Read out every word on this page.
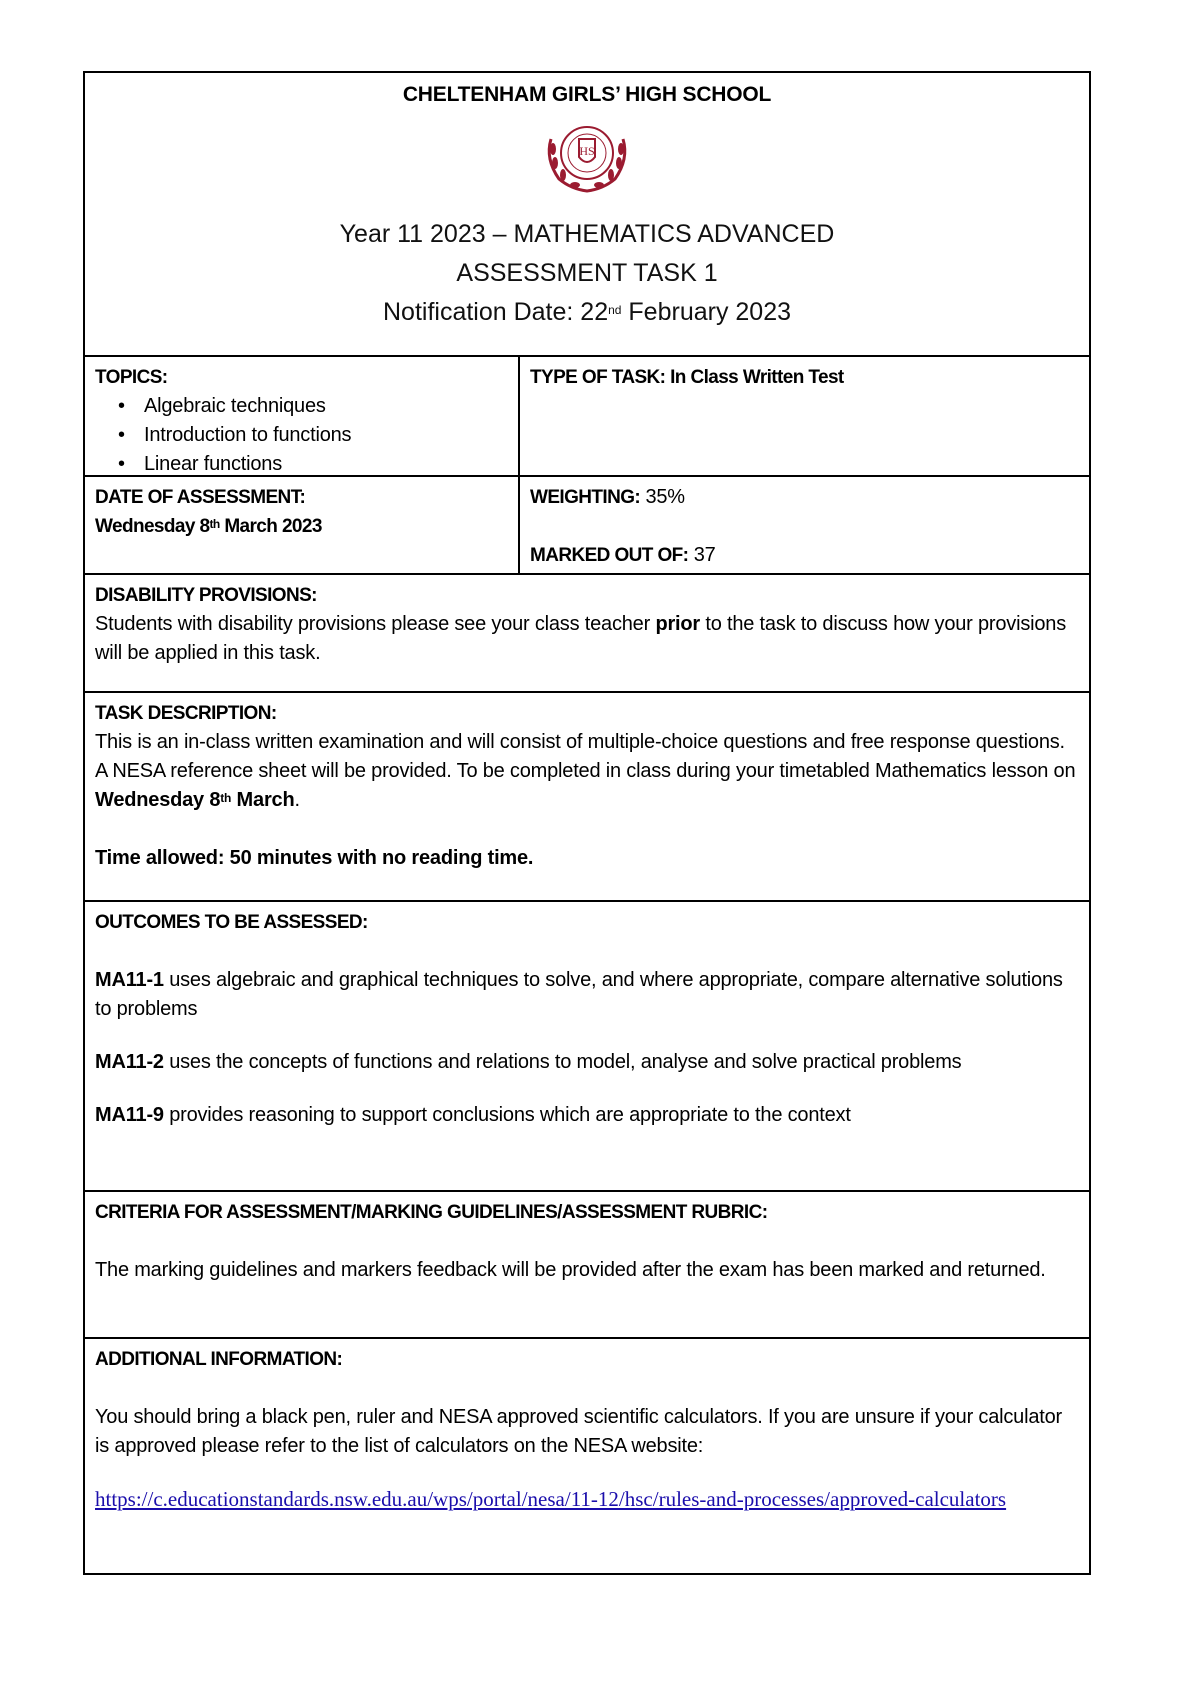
CHELTENHAM GIRLS’ HIGH SCHOOL
HS
Year 11 2023 – MATHEMATICS ADVANCED
ASSESSMENT TASK 1
Notification Date: 22nd February 2023

TOPICS:

• Algebraic techniques
• Introduction to functions
• Linear functions

TYPE OF TASK: In Class Written Test

DATE OF ASSESSMENT:

Wednesday 8th March 2023

WEIGHTING: 35%

MARKED OUT OF: 37

DISABILITY PROVISIONS:

Students with disability provisions please see your class teacher prior to the task to discuss how your provisions will be applied in this task.

TASK DESCRIPTION:

This is an in-class written examination and will consist of multiple-choice questions and free response questions. A NESA reference sheet will be provided. To be completed in class during your timetabled Mathematics lesson on Wednesday 8th March.

Time allowed: 50 minutes with no reading time.

OUTCOMES TO BE ASSESSED:

MA11-1 uses algebraic and graphical techniques to solve, and where appropriate, compare alternative solutions to problems

MA11-2 uses the concepts of functions and relations to model, analyse and solve practical problems

MA11-9 provides reasoning to support conclusions which are appropriate to the context

CRITERIA FOR ASSESSMENT/MARKING GUIDELINES/ASSESSMENT RUBRIC:

The marking guidelines and markers feedback will be provided after the exam has been marked and returned.

ADDITIONAL INFORMATION:

You should bring a black pen, ruler and NESA approved scientific calculators. If you are unsure if your calculator is approved please refer to the list of calculators on the NESA website:

https://c.educationstandards.nsw.edu.au/wps/portal/nesa/11-12/hsc/rules-and-processes/approved-calculators
